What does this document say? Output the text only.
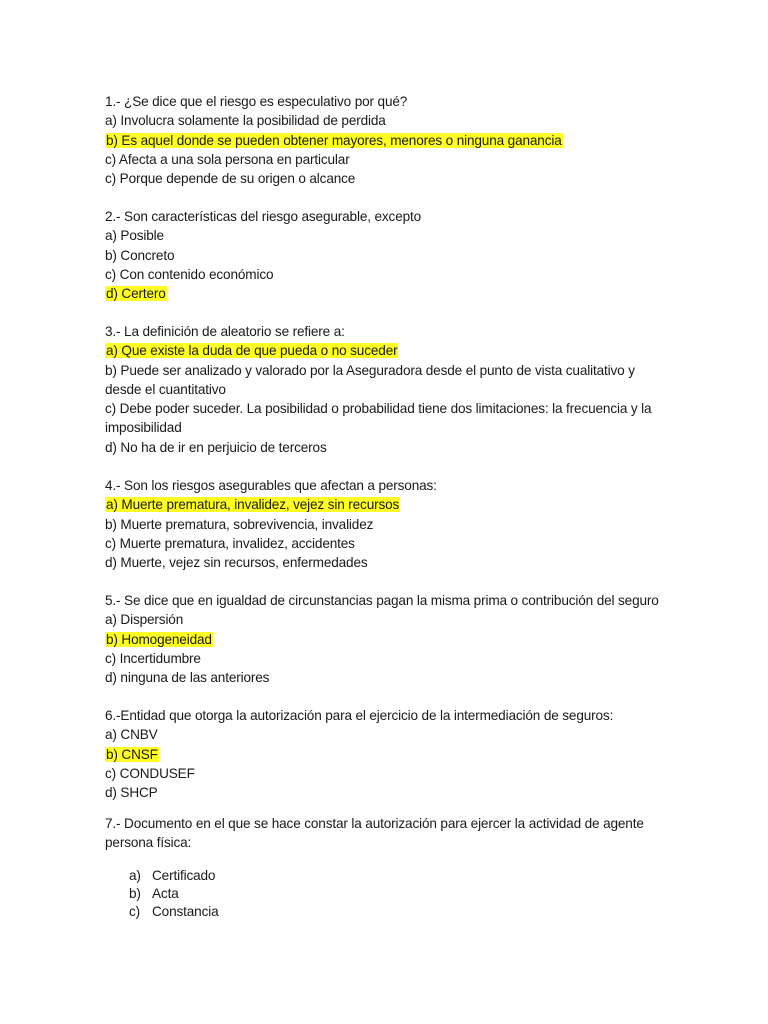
1.- ¿Se dice que el riesgo es especulativo por qué?
a) Involucra solamente la posibilidad de perdida
b) Es aquel donde se pueden obtener mayores, menores o ninguna ganancia
c) Afecta a una sola persona en particular
c) Porque depende de su origen o alcance
2.- Son características del riesgo asegurable, excepto
a) Posible
b) Concreto
c) Con contenido económico
d) Certero
3.- La definición de aleatorio se refiere a:
a) Que existe la duda de que pueda o no suceder
b) Puede ser analizado y valorado por la Aseguradora desde el punto de vista cualitativo y desde el cuantitativo
c) Debe poder suceder. La posibilidad o probabilidad tiene dos limitaciones: la frecuencia y la imposibilidad
d) No ha de ir en perjuicio de terceros
4.- Son los riesgos asegurables que afectan a personas:
a) Muerte prematura, invalidez, vejez sin recursos
b) Muerte prematura, sobrevivencia, invalidez
c) Muerte prematura, invalidez, accidentes
d) Muerte, vejez sin recursos, enfermedades
5.- Se dice que en igualdad de circunstancias pagan la misma prima o contribución del seguro
a) Dispersión
b) Homogeneidad
c) Incertidumbre
d) ninguna de las anteriores
6.-Entidad que otorga la autorización para el ejercicio de la intermediación de seguros:
a) CNBV
b) CNSF
c) CONDUSEF
d) SHCP
7.- Documento en el que se hace constar la autorización para ejercer la actividad de agente persona física:
a) Certificado
b) Acta
c) Constancia
